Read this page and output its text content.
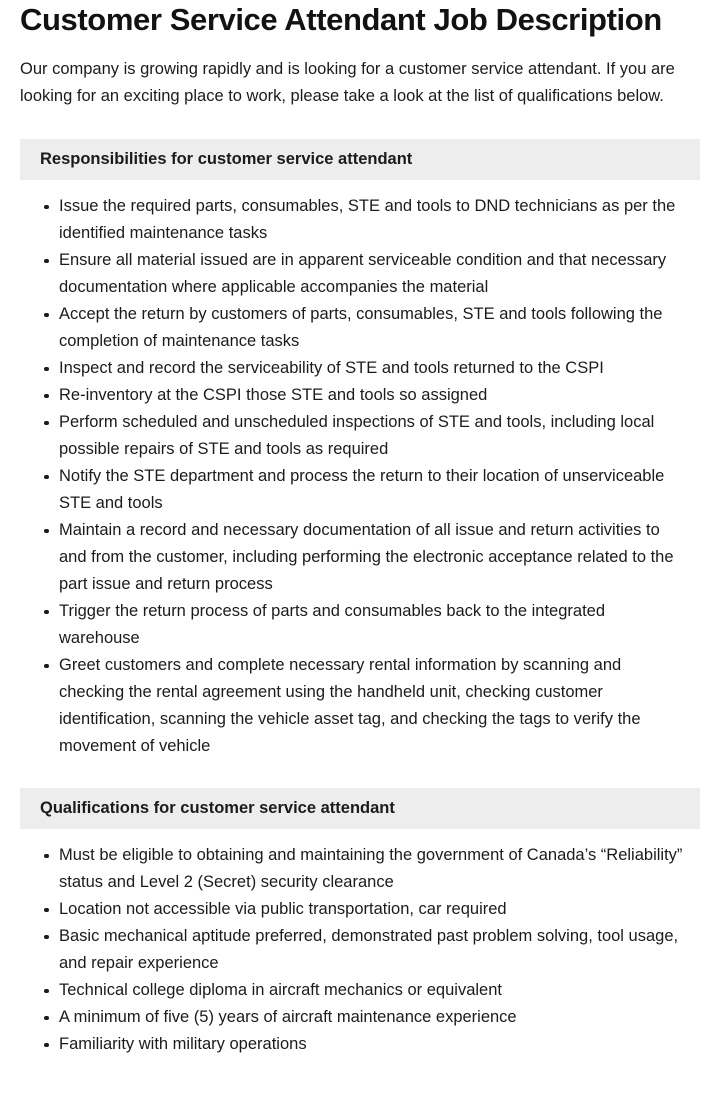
Customer Service Attendant Job Description

Our company is growing rapidly and is looking for a customer service attendant. If you are looking for an exciting place to work, please take a look at the list of qualifications below.

Responsibilities for customer service attendant
Issue the required parts, consumables, STE and tools to DND technicians as per the identified maintenance tasks
Ensure all material issued are in apparent serviceable condition and that necessary documentation where applicable accompanies the material
Accept the return by customers of parts, consumables, STE and tools following the completion of maintenance tasks
Inspect and record the serviceability of STE and tools returned to the CSPI
Re-inventory at the CSPI those STE and tools so assigned
Perform scheduled and unscheduled inspections of STE and tools, including local possible repairs of STE and tools as required
Notify the STE department and process the return to their location of unserviceable STE and tools
Maintain a record and necessary documentation of all issue and return activities to and from the customer, including performing the electronic acceptance related to the part issue and return process
Trigger the return process of parts and consumables back to the integrated warehouse
Greet customers and complete necessary rental information by scanning and checking the rental agreement using the handheld unit, checking customer identification, scanning the vehicle asset tag, and checking the tags to verify the movement of vehicle
Qualifications for customer service attendant
Must be eligible to obtaining and maintaining the government of Canada’s “Reliability” status and Level 2 (Secret) security clearance
Location not accessible via public transportation, car required
Basic mechanical aptitude preferred, demonstrated past problem solving, tool usage, and repair experience
Technical college diploma in aircraft mechanics or equivalent
A minimum of five (5) years of aircraft maintenance experience
Familiarity with military operations
